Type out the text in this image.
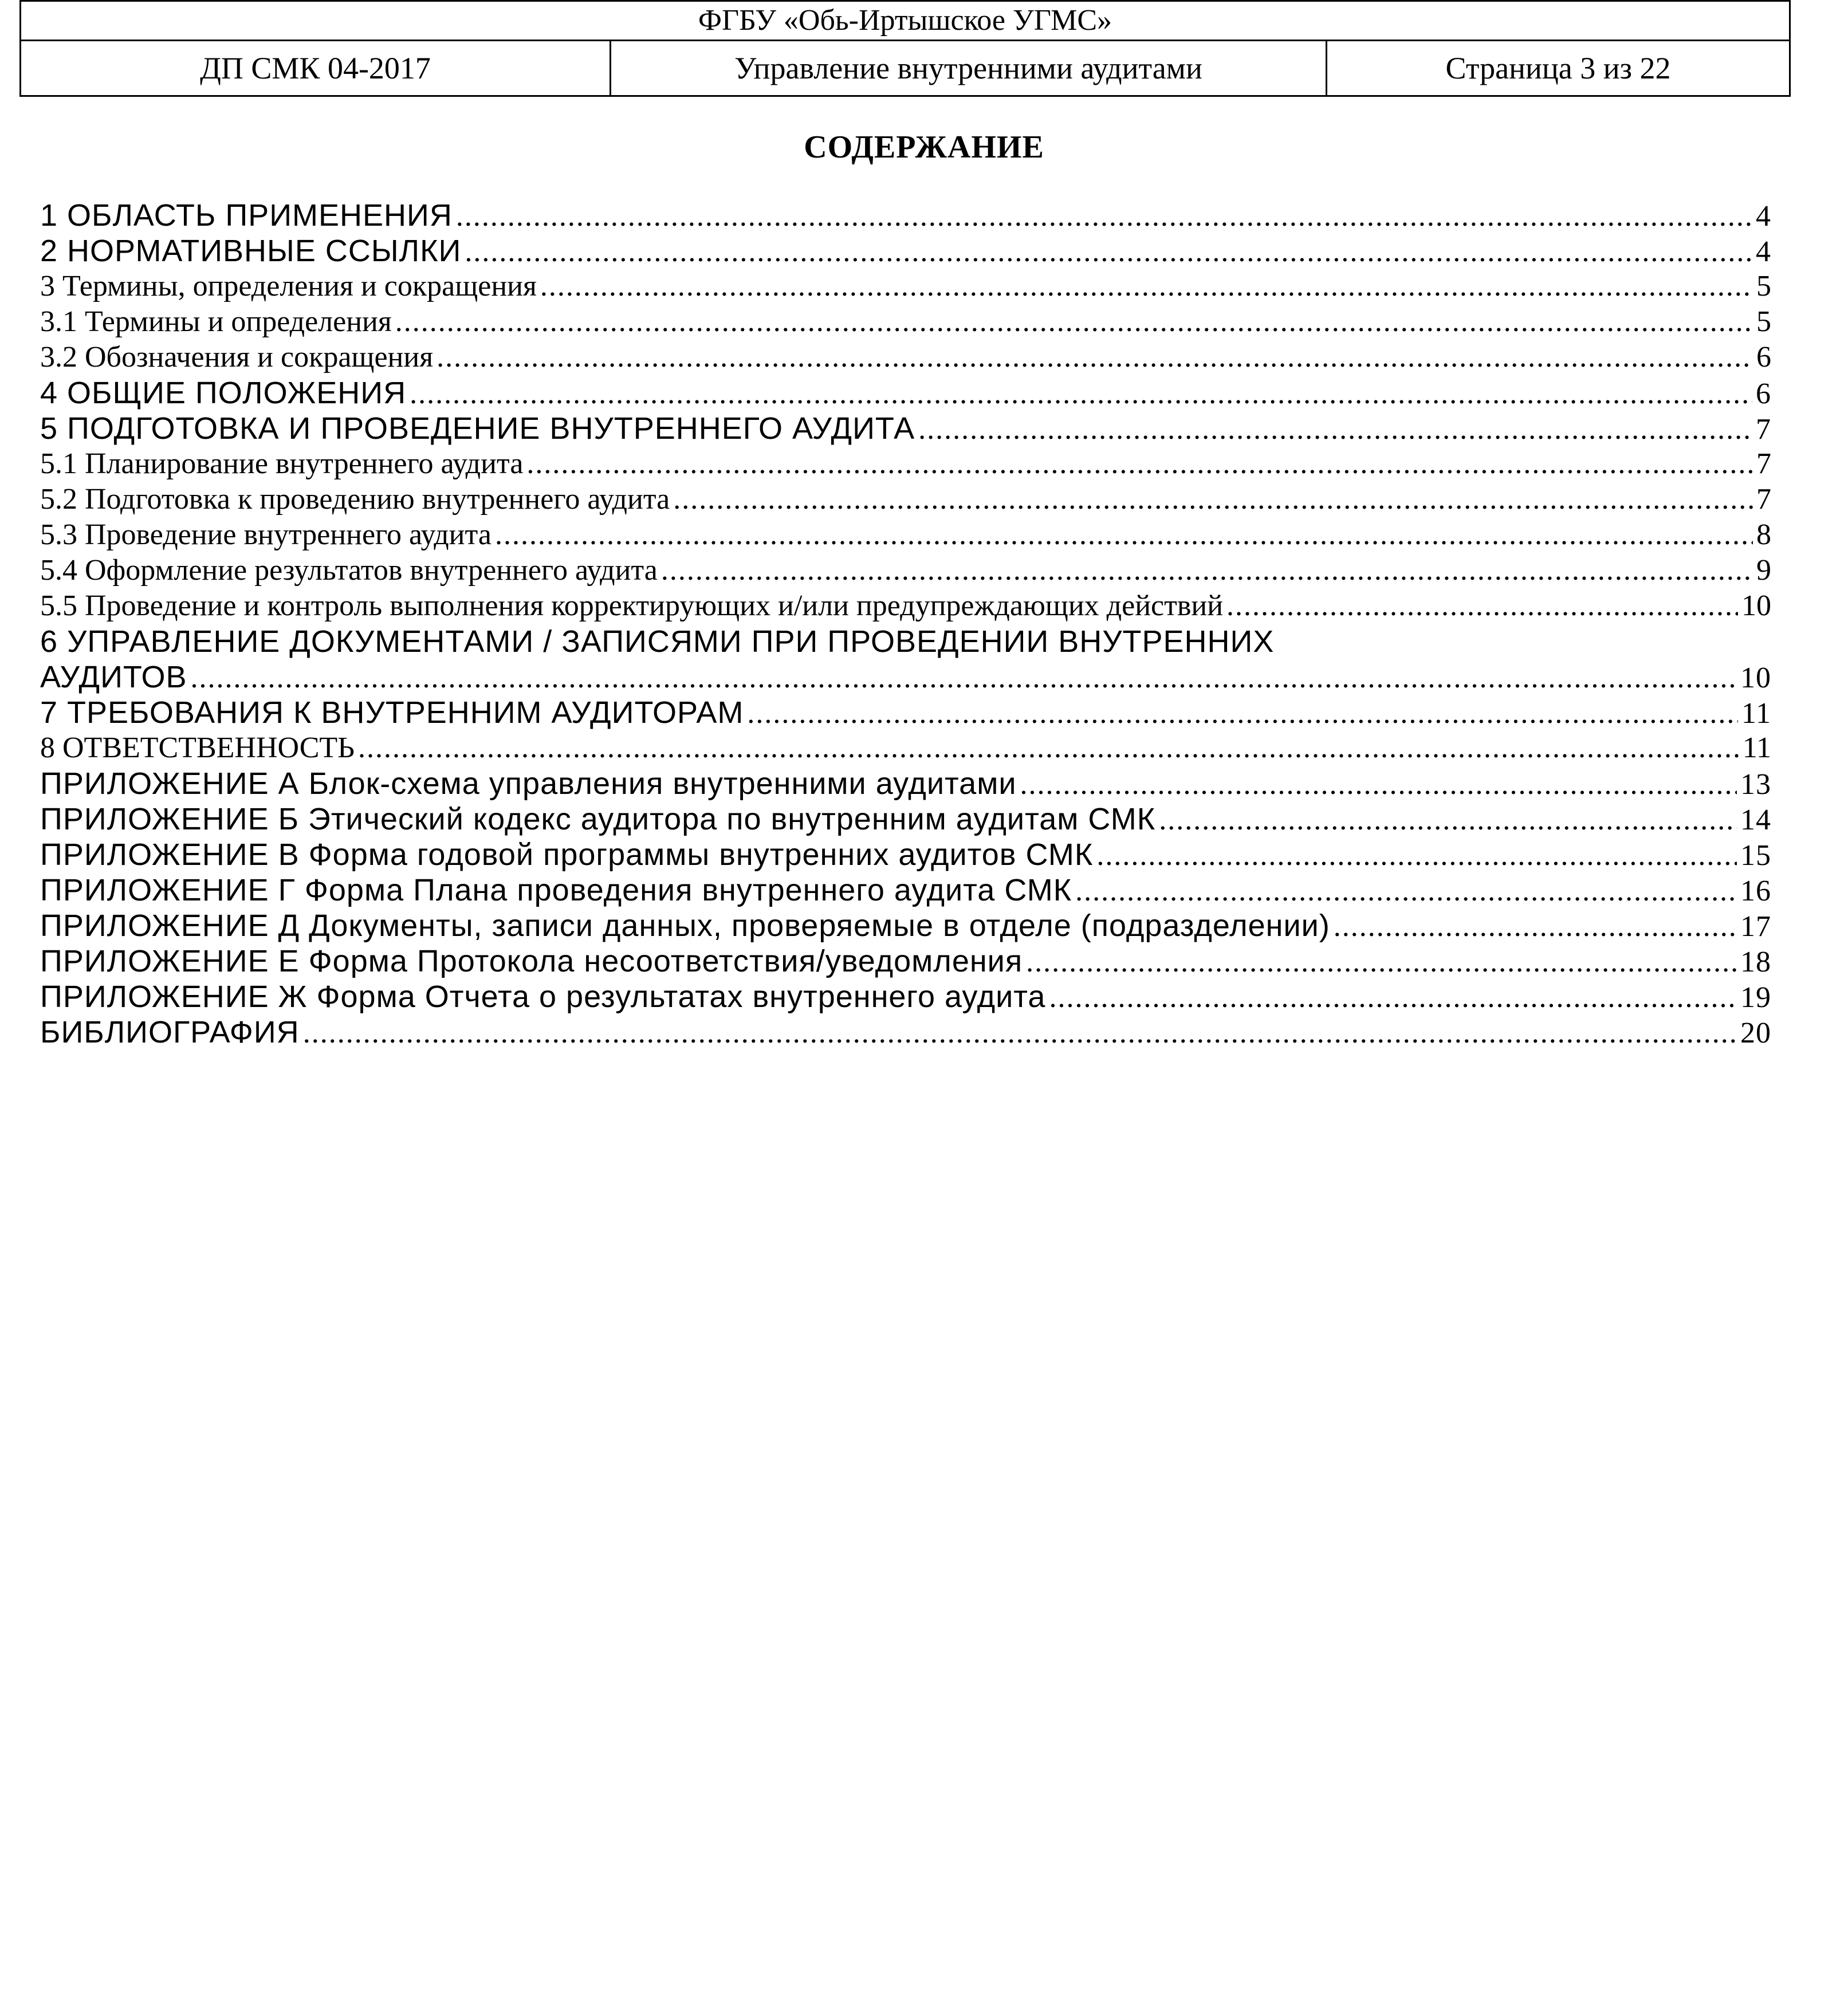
ФГБУ «Обь-Иртышское УГМС»
ДП СМК 04-2017	Управление внутренними аудитами	Страница 3 из 22
СОДЕРЖАНИЕ
1 ОБЛАСТЬ ПРИМЕНЕНИЯ .....	4
2 НОРМАТИВНЫЕ ССЫЛКИ .....	4
3 Термины, определения и сокращения .....	5
3.1 Термины и определения .....	5
3.2 Обозначения и сокращения .....	6
4 ОБЩИЕ ПОЛОЖЕНИЯ .....	6
5 ПОДГОТОВКА И ПРОВЕДЕНИЕ ВНУТРЕННЕГО АУДИТА .....	7
5.1 Планирование внутреннего аудита .....	7
5.2 Подготовка к проведению внутреннего аудита .....	7
5.3 Проведение внутреннего аудита .....	8
5.4 Оформление результатов внутреннего аудита .....	9
5.5 Проведение и контроль выполнения корректирующих и/или предупреждающих действий .....	10
6 УПРАВЛЕНИЕ ДОКУМЕНТАМИ / ЗАПИСЯМИ ПРИ ПРОВЕДЕНИИ ВНУТРЕННИХ
АУДИТОВ .....	10
7 ТРЕБОВАНИЯ К ВНУТРЕННИМ АУДИТОРАМ .....	11
8 ОТВЕТСТВЕННОСТЬ .....	11
ПРИЛОЖЕНИЕ А Блок-схема управления внутренними аудитами .....	13
ПРИЛОЖЕНИЕ Б Этический кодекс аудитора по внутренним аудитам СМК .....	14
ПРИЛОЖЕНИЕ В Форма годовой программы внутренних аудитов СМК .....	15
ПРИЛОЖЕНИЕ Г Форма Плана проведения внутреннего аудита СМК .....	16
ПРИЛОЖЕНИЕ Д Документы, записи данных, проверяемые в отделе (подразделении) .....	17
ПРИЛОЖЕНИЕ Е Форма Протокола несоответствия/уведомления .....	18
ПРИЛОЖЕНИЕ Ж Форма Отчета о результатах внутреннего аудита .....	19
БИБЛИОГРАФИЯ .....	20
